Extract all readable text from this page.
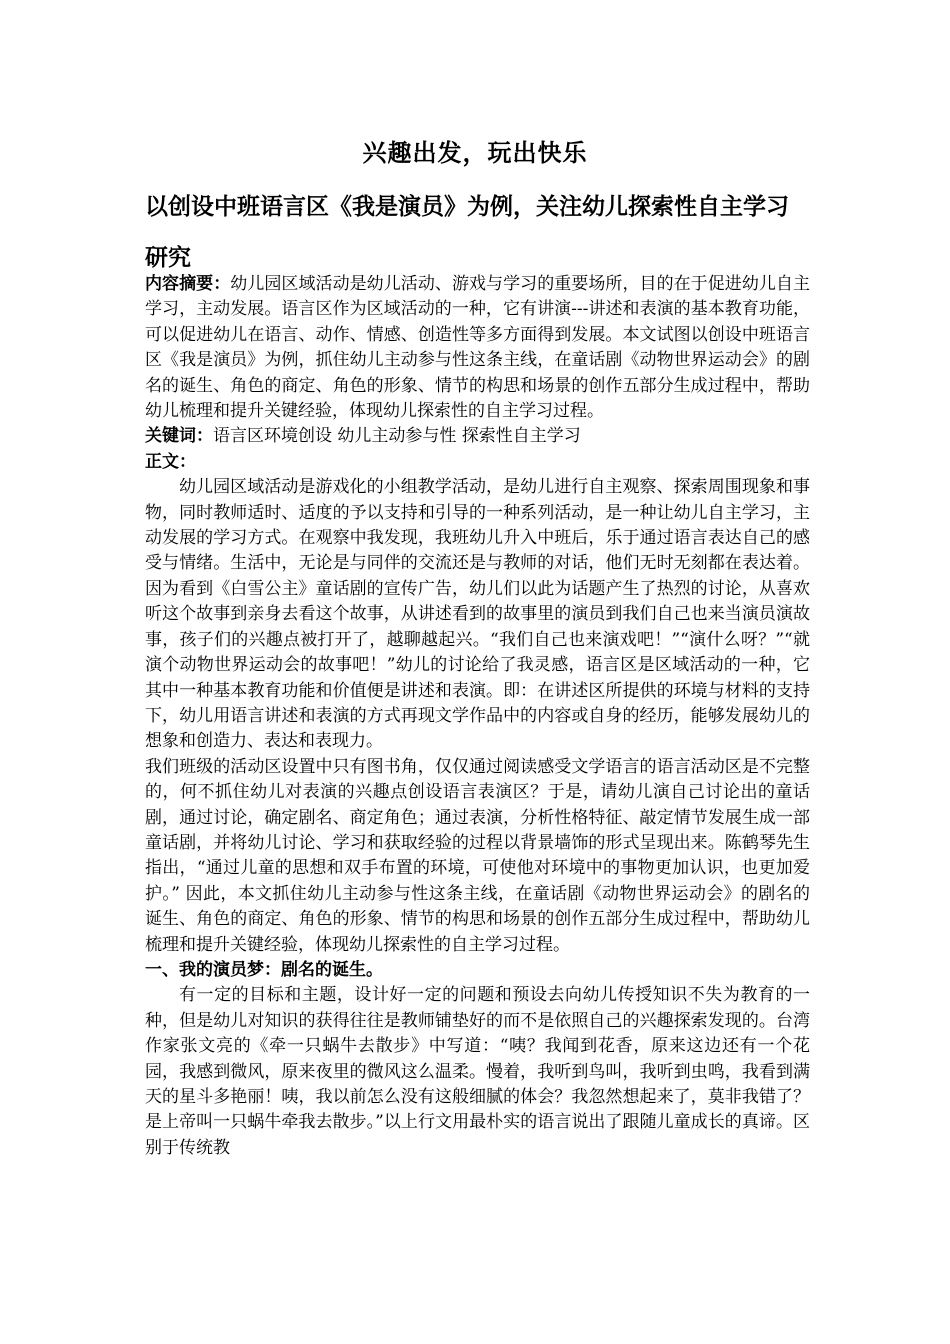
兴趣出发，玩出快乐
以创设中班语言区《我是演员》为例，关注幼儿探索性自主学习研究

内容摘要：幼儿园区域活动是幼儿活动、游戏与学习的重要场所，目的在于促进幼儿自主学习，主动发展。语言区作为区域活动的一种，它有讲演---讲述和表演的基本教育功能，可以促进幼儿在语言、动作、情感、创造性等多方面得到发展。本文试图以创设中班语言区《我是演员》为例，抓住幼儿主动参与性这条主线，在童话剧《动物世界运动会》的剧名的诞生、角色的商定、角色的形象、情节的构思和场景的创作五部分生成过程中，帮助幼儿梳理和提升关键经验，体现幼儿探索性的自主学习过程。

关键词：语言区环境创设 幼儿主动参与性 探索性自主学习

正文：

幼儿园区域活动是游戏化的小组教学活动，是幼儿进行自主观察、探索周围现象和事物，同时教师适时、适度的予以支持和引导的一种系列活动，是一种让幼儿自主学习，主动发展的学习方式。在观察中我发现，我班幼儿升入中班后，乐于通过语言表达自己的感受与情绪。生活中，无论是与同伴的交流还是与教师的对话，他们无时无刻都在表达着。因为看到《白雪公主》童话剧的宣传广告，幼儿们以此为话题产生了热烈的讨论，从喜欢听这个故事到亲身去看这个故事，从讲述看到的故事里的演员到我们自己也来当演员演故事，孩子们的兴趣点被打开了，越聊越起兴。“我们自己也来演戏吧！”“演什么呀？”“就演个动物世界运动会的故事吧！”幼儿的讨论给了我灵感，语言区是区域活动的一种，它其中一种基本教育功能和价值便是讲述和表演。即：在讲述区所提供的环境与材料的支持下，幼儿用语言讲述和表演的方式再现文学作品中的内容或自身的经历，能够发展幼儿的想象和创造力、表达和表现力。

我们班级的活动区设置中只有图书角，仅仅通过阅读感受文学语言的语言活动区是不完整的，何不抓住幼儿对表演的兴趣点创设语言表演区？于是，请幼儿演自己讨论出的童话剧，通过讨论，确定剧名、商定角色；通过表演，分析性格特征、敲定情节发展生成一部童话剧，并将幼儿讨论、学习和获取经验的过程以背景墙饰的形式呈现出来。陈鹤琴先生指出，“通过儿童的思想和双手布置的环境，可使他对环境中的事物更加认识，也更加爱护。” 因此，本文抓住幼儿主动参与性这条主线，在童话剧《动物世界运动会》的剧名的诞生、角色的商定、角色的形象、情节的构思和场景的创作五部分生成过程中，帮助幼儿梳理和提升关键经验，体现幼儿探索性的自主学习过程。

一、我的演员梦：剧名的诞生。

有一定的目标和主题，设计好一定的问题和预设去向幼儿传授知识不失为教育的一种，但是幼儿对知识的获得往往是教师铺垫好的而不是依照自己的兴趣探索发现的。台湾作家张文亮的《牵一只蜗牛去散步》中写道：“咦？我闻到花香，原来这边还有一个花园，我感到微风，原来夜里的微风这么温柔。慢着，我听到鸟叫，我听到虫鸣，我看到满天的星斗多艳丽！咦，我以前怎么没有这般细腻的体会？我忽然想起来了，莫非我错了？是上帝叫一只蜗牛牵我去散步。”以上行文用最朴实的语言说出了跟随儿童成长的真谛。区别于传统教
